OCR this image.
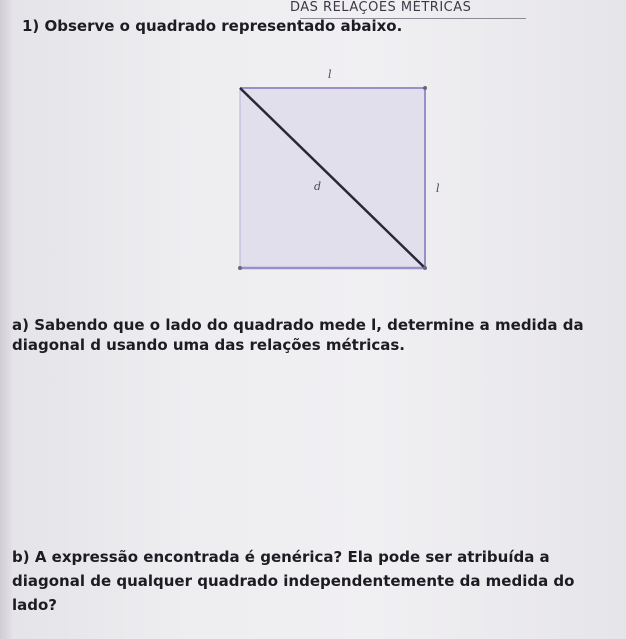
DAS RELAÇÕES MÉTRICAS
1) Observe o quadrado representado abaixo.
l
l
d
a) Sabendo que o lado do quadrado mede l, determine a medida da diagonal d usando uma das relações métricas.
b) A expressão encontrada é genérica? Ela pode ser atribuída a diagonal de qualquer quadrado independentemente da medida do lado?
